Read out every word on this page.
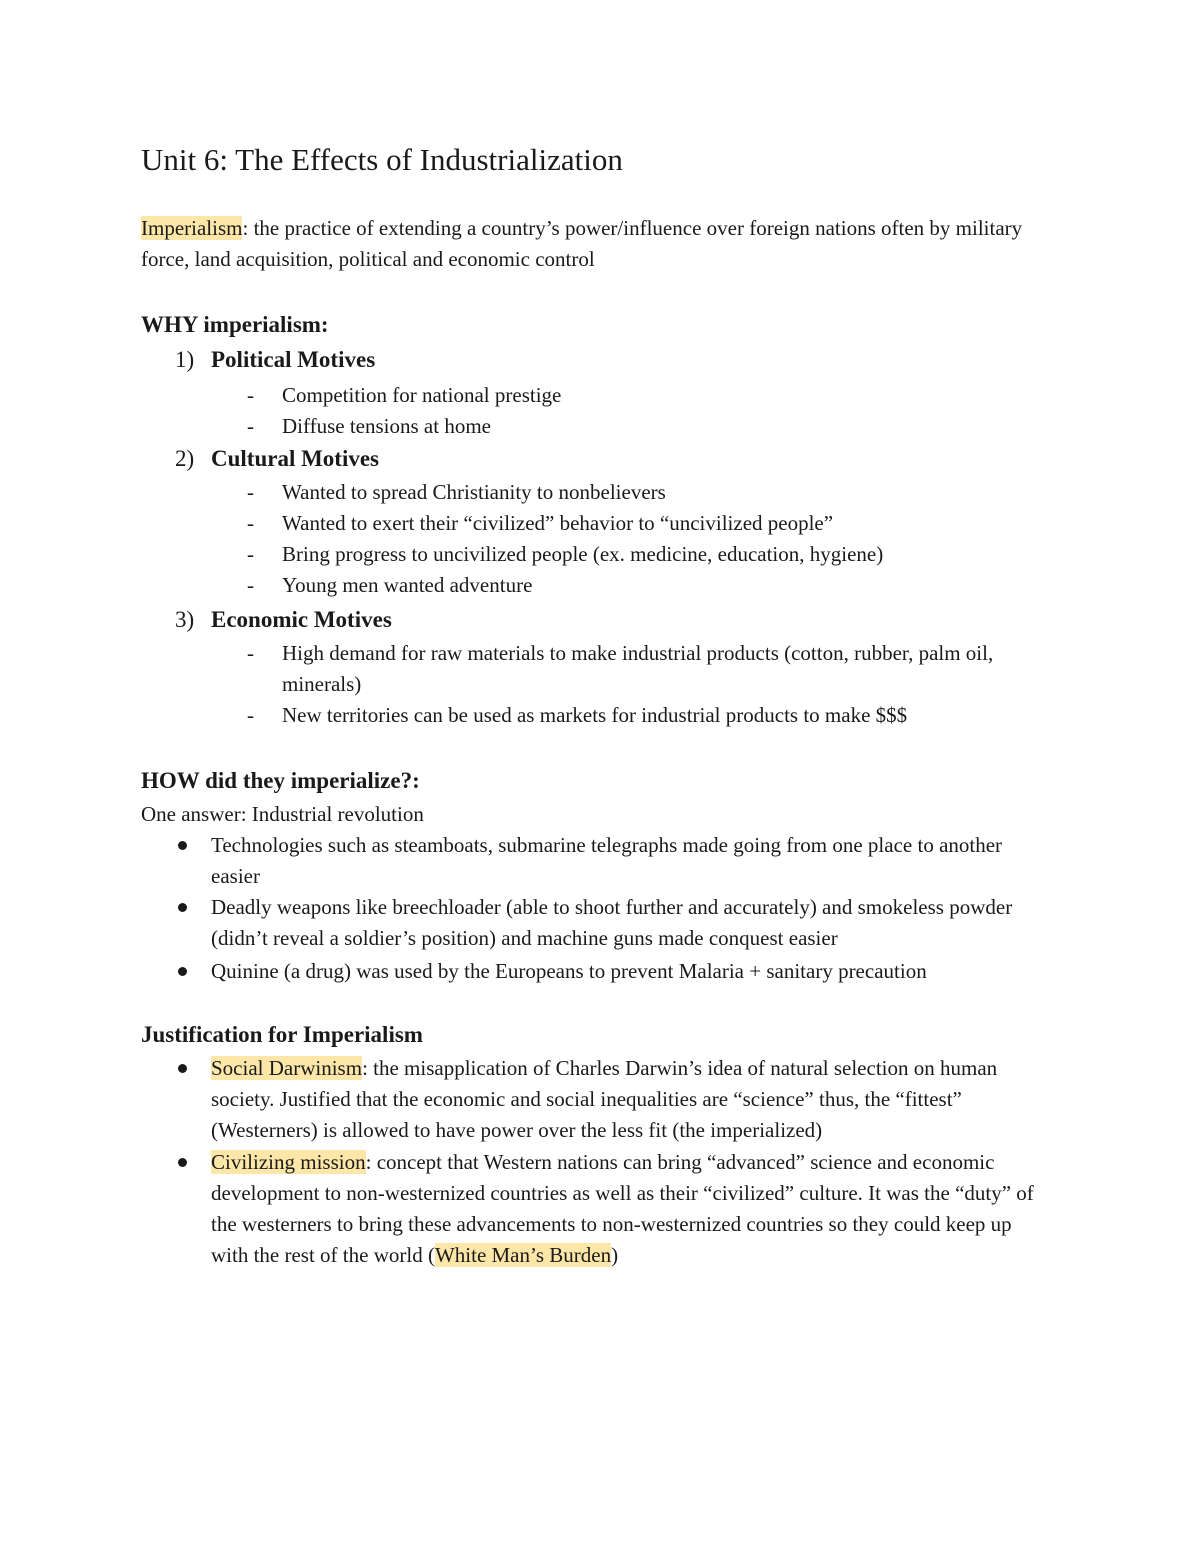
Unit 6: The Effects of Industrialization

Imperialism: the practice of extending a country’s power/influence over foreign nations often by military force, land acquisition, political and economic control

WHY imperialism:
1) Political Motives
- Competition for national prestige
- Diffuse tensions at home
2) Cultural Motives
- Wanted to spread Christianity to nonbelievers
- Wanted to exert their “civilized” behavior to “uncivilized people”
- Bring progress to uncivilized people (ex. medicine, education, hygiene)
- Young men wanted adventure
3) Economic Motives
- High demand for raw materials to make industrial products (cotton, rubber, palm oil, minerals)
- New territories can be used as markets for industrial products to make $$$
HOW did they imperialize?:
One answer: Industrial revolution
Technologies such as steamboats, submarine telegraphs made going from one place to another easier
Deadly weapons like breechloader (able to shoot further and accurately) and smokeless powder (didn’t reveal a soldier’s position) and machine guns made conquest easier
Quinine (a drug) was used by the Europeans to prevent Malaria + sanitary precaution
Justification for Imperialism
Social Darwinism: the misapplication of Charles Darwin’s idea of natural selection on human society. Justified that the economic and social inequalities are “science” thus, the “fittest” (Westerners) is allowed to have power over the less fit (the imperialized)
Civilizing mission: concept that Western nations can bring “advanced” science and economic development to non-westernized countries as well as their “civilized” culture. It was the “duty” of the westerners to bring these advancements to non-westernized countries so they could keep up with the rest of the world (White Man’s Burden)
